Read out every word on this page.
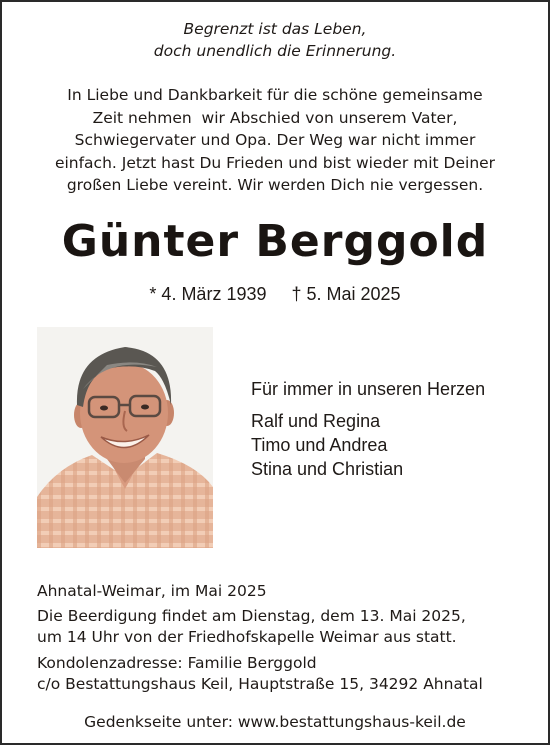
Begrenzt ist das Leben,
doch unendlich die Erinnerung.
In Liebe und Dankbarkeit für die schöne gemeinsame
Zeit nehmen  wir Abschied von unserem Vater,
Schwiegervater und Opa. Der Weg war nicht immer
einfach. Jetzt hast Du Frieden und bist wieder mit Deiner
großen Liebe vereint. Wir werden Dich nie vergessen.
Günter Berggold
* 4. März 1939 † 5. Mai 2025
Für immer in unseren Herzen
Ralf und Regina
Timo und Andrea
Stina und Christian
Ahnatal-Weimar, im Mai 2025
Die Beerdigung findet am Dienstag, dem 13. Mai 2025,
um 14 Uhr von der Friedhofskapelle Weimar aus statt.
Kondolenzadresse: Familie Berggold
c/o Bestattungshaus Keil, Hauptstraße 15, 34292 Ahnatal
Gedenkseite unter: www.bestattungshaus-keil.de
